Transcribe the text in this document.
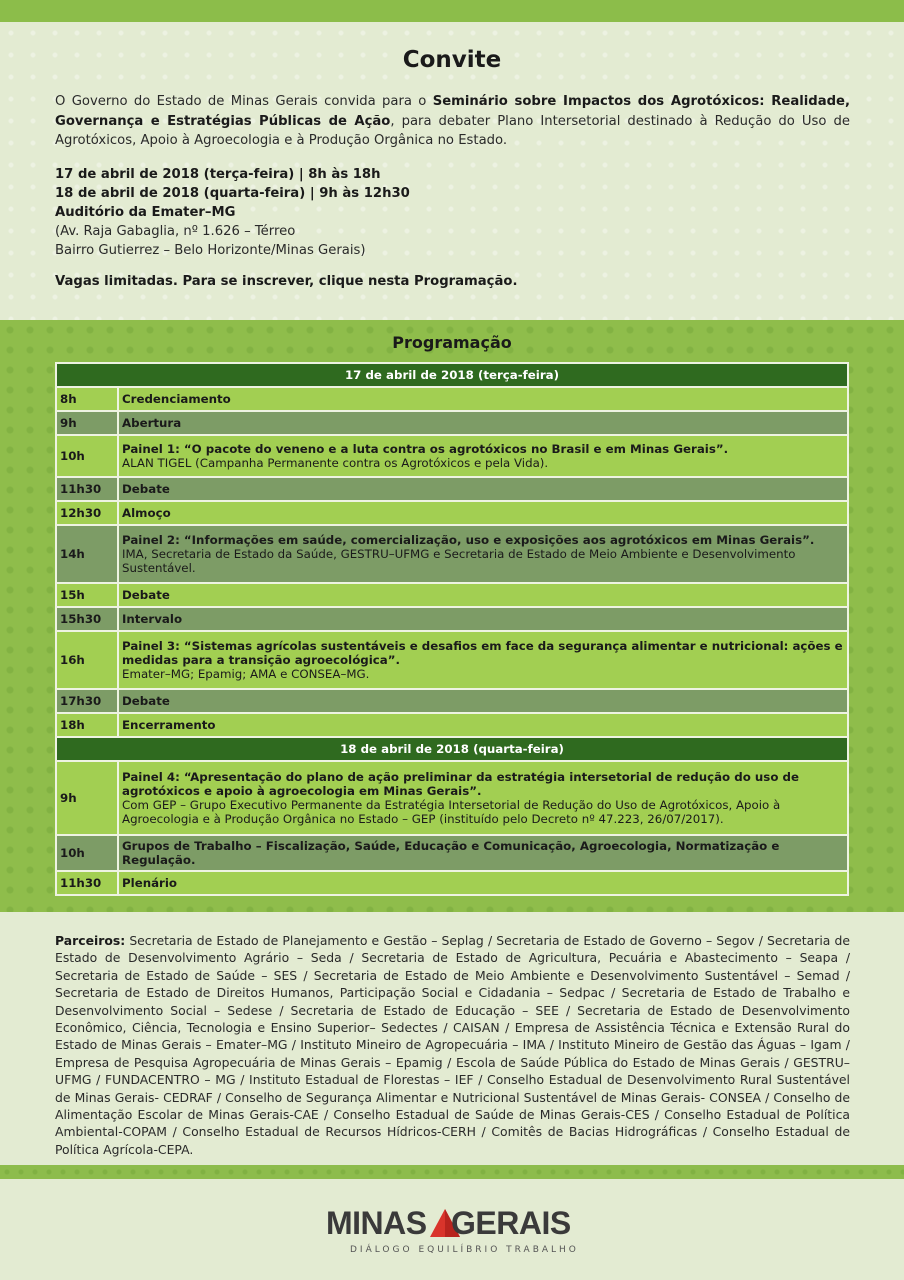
Convite

O Governo do Estado de Minas Gerais convida para o Seminário sobre Impactos dos Agrotóxicos: Realidade, Governança e Estratégias Públicas de Ação, para debater Plano Intersetorial destinado à Redução do Uso de Agrotóxicos, Apoio à Agroecologia e à Produção Orgânica no Estado.

17 de abril de 2018 (terça-feira) | 8h às 18h
18 de abril de 2018 (quarta-feira) | 9h às 12h30
Auditório da Emater–MG
(Av. Raja Gabaglia, nº 1.626 – Térreo
Bairro Gutierrez – Belo Horizonte/Minas Gerais)
Vagas limitadas. Para se inscrever, clique nesta Programação.
Programação
17 de abril de 2018 (terça-feira)	
8h	Credenciamento
9h	Abertura
10h	Painel 1: “O pacote do veneno e a luta contra os agrotóxicos no Brasil e em Minas Gerais”.
ALAN TIGEL (Campanha Permanente contra os Agrotóxicos e pela Vida).

11h30	Debate
12h30	Almoço
14h	Painel 2: “Informações em saúde, comercialização, uso e exposições aos agrotóxicos em Minas Gerais”.
IMA, Secretaria de Estado da Saúde, GESTRU–UFMG e Secretaria de Estado de Meio Ambiente e Desenvolvimento Sustentável.

15h	Debate
15h30	Intervalo
16h	Painel 3: “Sistemas agrícolas sustentáveis e desafios em face da segurança alimentar e nutricional: ações e medidas para a transição agroecológica”.
Emater–MG; Epamig; AMA e CONSEA–MG.

17h30	Debate
18h	Encerramento
18 de abril de 2018 (quarta-feira)	
9h	Painel 4: “Apresentação do plano de ação preliminar da estratégia intersetorial de redução do uso de agrotóxicos e apoio à agroecologia em Minas Gerais”.
Com GEP – Grupo Executivo Permanente da Estratégia Intersetorial de Redução do Uso de Agrotóxicos, Apoio à Agroecologia e à Produção Orgânica no Estado – GEP (instituído pelo Decreto nº 47.223, 26/07/2017).

10h	Grupos de Trabalho – Fiscalização, Saúde, Educação e Comunicação, Agroecologia, Normatização e Regulação.
11h30	Plenário

Parceiros: Secretaria de Estado de Planejamento e Gestão – Seplag / Secretaria de Estado de Governo – Segov / Secretaria de Estado de Desenvolvimento Agrário – Seda / Secretaria de Estado de Agricultura, Pecuária e Abastecimento – Seapa / Secretaria de Estado de Saúde – SES / Secretaria de Estado de Meio Ambiente e Desenvolvimento Sustentável – Semad / Secretaria de Estado de Direitos Humanos, Participação Social e Cidadania – Sedpac / Secretaria de Estado de Trabalho e Desenvolvimento Social – Sedese / Secretaria de Estado de Educação – SEE / Secretaria de Estado de Desenvolvimento Econômico, Ciência, Tecnologia e Ensino Superior– Sedectes / CAISAN / Empresa de Assistência Técnica e Extensão Rural do Estado de Minas Gerais – Emater–MG / Instituto Mineiro de Agropecuária – IMA / Instituto Mineiro de Gestão das Águas – Igam / Empresa de Pesquisa Agropecuária de Minas Gerais – Epamig / Escola de Saúde Pública do Estado de Minas Gerais / GESTRU–UFMG / FUNDACENTRO – MG / Instituto Estadual de Florestas – IEF / Conselho Estadual de Desenvolvimento Rural Sustentável de Minas Gerais- CEDRAF / Conselho de Segurança Alimentar e Nutricional Sustentável de Minas Gerais- CONSEA / Conselho de Alimentação Escolar de Minas Gerais-CAE / Conselho Estadual de Saúde de Minas Gerais-CES / Conselho Estadual de Política Ambiental-COPAM / Conselho Estadual de Recursos Hídricos-CERH / Comitês de Bacias Hidrográficas / Conselho Estadual de Política Agrícola-CEPA.

MINAS GERAIS
DIÁLOGO EQUILÍBRIO TRABALHO
